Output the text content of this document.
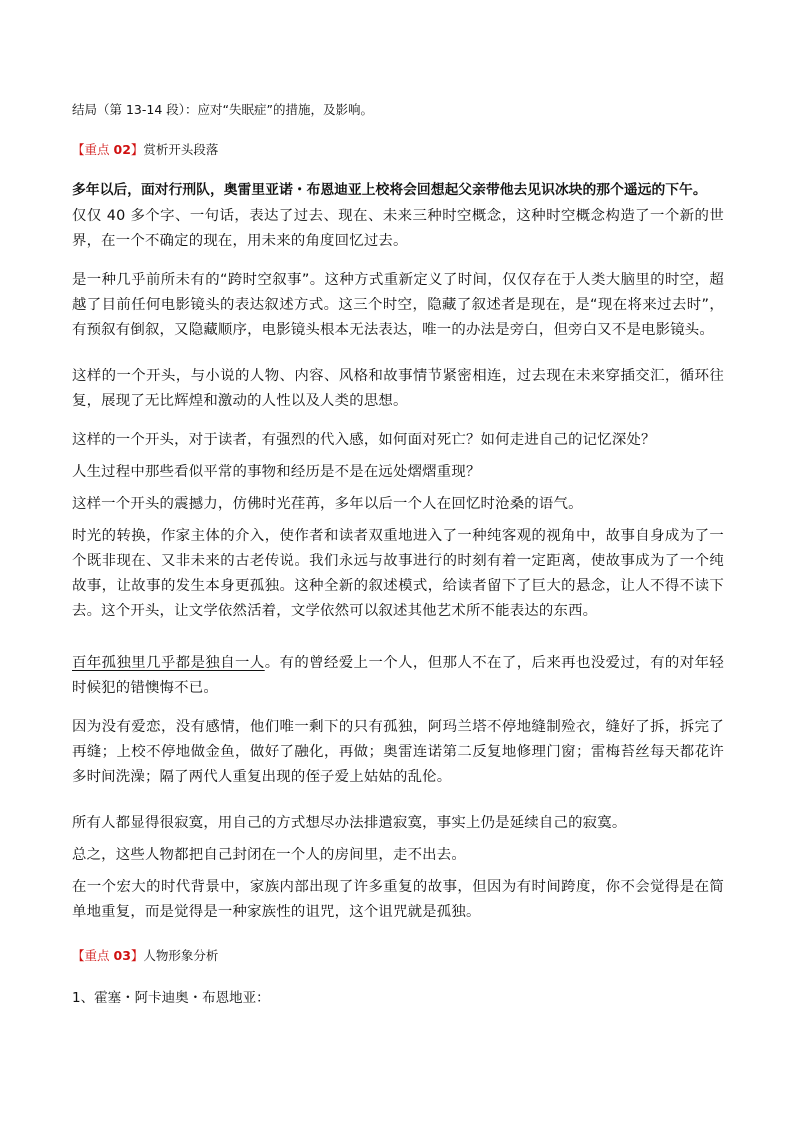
结局（第 13-14 段）：应对“失眠症”的措施，及影响。
【重点 02】赏析开头段落
多年以后，面对行刑队，奥雷里亚诺・布恩迪亚上校将会回想起父亲带他去见识冰块的那个遥远的下午。
仅仅 40 多个字、一句话，表达了过去、现在、未来三种时空概念，这种时空概念构造了一个新的世界，在一个不确定的现在，用未来的角度回忆过去。
是一种几乎前所未有的“跨时空叙事”。这种方式重新定义了时间，仅仅存在于人类大脑里的时空，超越了目前任何电影镜头的表达叙述方式。这三个时空，隐藏了叙述者是现在，是“现在将来过去时”，有预叙有倒叙，又隐藏顺序，电影镜头根本无法表达，唯一的办法是旁白，但旁白又不是电影镜头。
这样的一个开头，与小说的人物、内容、风格和故事情节紧密相连，过去现在未来穿插交汇，循环往复，展现了无比辉煌和激动的人性以及人类的思想。
这样的一个开头，对于读者，有强烈的代入感，如何面对死亡？如何走进自己的记忆深处？
人生过程中那些看似平常的事物和经历是不是在远处熠熠重现？
这样一个开头的震撼力，仿佛时光荏苒，多年以后一个人在回忆时沧桑的语气。
时光的转换，作家主体的介入，使作者和读者双重地进入了一种纯客观的视角中，故事自身成为了一个既非现在、又非未来的古老传说。我们永远与故事进行的时刻有着一定距离，使故事成为了一个纯故事，让故事的发生本身更孤独。这种全新的叙述模式，给读者留下了巨大的悬念，让人不得不读下去。这个开头，让文学依然活着，文学依然可以叙述其他艺术所不能表达的东西。
百年孤独里几乎都是独自一人。有的曾经爱上一个人，但那人不在了，后来再也没爱过，有的对年轻时候犯的错懊悔不已。
因为没有爱恋，没有感情，他们唯一剩下的只有孤独，阿玛兰塔不停地缝制殓衣，缝好了拆，拆完了再缝；上校不停地做金鱼，做好了融化，再做；奥雷连诺第二反复地修理门窗；雷梅苔丝每天都花许多时间洗澡；隔了两代人重复出现的侄子爱上姑姑的乱伦。
所有人都显得很寂寞，用自己的方式想尽办法排遣寂寞，事实上仍是延续自己的寂寞。
总之，这些人物都把自己封闭在一个人的房间里，走不出去。
在一个宏大的时代背景中，家族内部出现了许多重复的故事，但因为有时间跨度，你不会觉得是在简单地重复，而是觉得是一种家族性的诅咒，这个诅咒就是孤独。
【重点 03】人物形象分析
1、霍塞・阿卡迪奥・布恩地亚：
